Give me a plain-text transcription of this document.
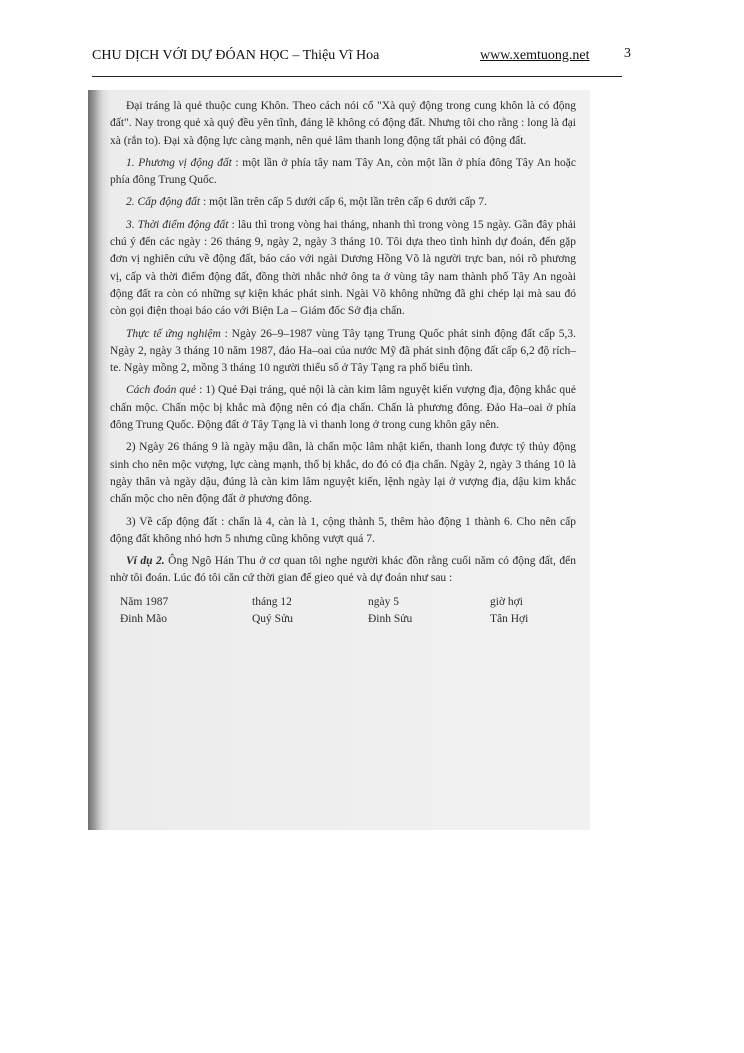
CHU DỊCH VỚI DỰ ĐÓAN HỌC – Thiệu Vĩ Hoa	www.xemtuong.net 3

Đại tráng là quẻ thuộc cung Khôn. Theo cách nói cổ "Xà quỷ động trong cung khôn là có động đất". Nay trong quẻ xà quỷ đều yên tĩnh, đáng lẽ không có động đất. Nhưng tôi cho rằng : long là đại xà (rắn to). Đại xà động lực càng mạnh, nên quẻ lâm thanh long động tất phải có động đất.

1. Phương vị động đất : một lần ở phía tây nam Tây An, còn một lần ở phía đông Tây An hoặc phía đông Trung Quốc.

2. Cấp động đất : một lần trên cấp 5 dưới cấp 6, một lần trên cấp 6 dưới cấp 7.

3. Thời điểm động đất : lâu thì trong vòng hai tháng, nhanh thì trong vòng 15 ngày. Gần đây phải chú ý đến các ngày : 26 tháng 9, ngày 2, ngày 3 tháng 10. Tôi dựa theo tình hình dự đoán, đến gặp đơn vị nghiên cứu về động đất, báo cáo với ngài Dương Hồng Võ là người trực ban, nói rõ phương vị, cấp và thời điểm động đất, đồng thời nhắc nhở ông ta ở vùng tây nam thành phố Tây An ngoài động đất ra còn có những sự kiện khác phát sinh. Ngài Võ không những đã ghi chép lại mà sau đó còn gọi điện thoại báo cáo với Biện La – Giám đốc Sở địa chấn.

Thực tế ứng nghiệm : Ngày 26–9–1987 vùng Tây tạng Trung Quốc phát sinh động đất cấp 5,3. Ngày 2, ngày 3 tháng 10 năm 1987, đảo Ha–oai của nước Mỹ đã phát sinh động đất cấp 6,2 độ rích–te. Ngày mồng 2, mồng 3 tháng 10 người thiểu số ở Tây Tạng ra phố biểu tình.

Cách đoán quẻ : 1) Quẻ Đại tráng, quẻ nội là càn kim lâm nguyệt kiến vượng địa, động khắc quẻ chấn mộc. Chấn mộc bị khắc mà động nên có địa chấn. Chấn là phương đông. Đảo Ha–oai ở phía đông Trung Quốc. Động đất ở Tây Tạng là vì thanh long ở trong cung khôn gây nên.

2) Ngày 26 tháng 9 là ngày mậu dần, là chấn mộc lâm nhật kiến, thanh long được tý thủy động sinh cho nên mộc vượng, lực càng mạnh, thổ bị khắc, do đó có địa chấn. Ngày 2, ngày 3 tháng 10 là ngày thân và ngày dậu, đúng là càn kim lâm nguyệt kiến, lệnh ngày lại ở vượng địa, dậu kim khắc chấn mộc cho nên động đất ở phương đông.

3) Về cấp động đất : chấn là 4, càn là 1, cộng thành 5, thêm hào động 1 thành 6. Cho nên cấp động đất không nhỏ hơn 5 nhưng cũng không vượt quá 7.

Ví dụ 2. Ông Ngô Hán Thu ở cơ quan tôi nghe người khác đồn rằng cuối năm có động đất, đến nhờ tôi đoán. Lúc đó tôi căn cứ thời gian để gieo quẻ và dự đoán như sau :

Năm 1987	tháng 12	ngày 5	giờ hợi
Đinh Mão	Quý Sửu	Đinh Sửu	Tân Hợi
